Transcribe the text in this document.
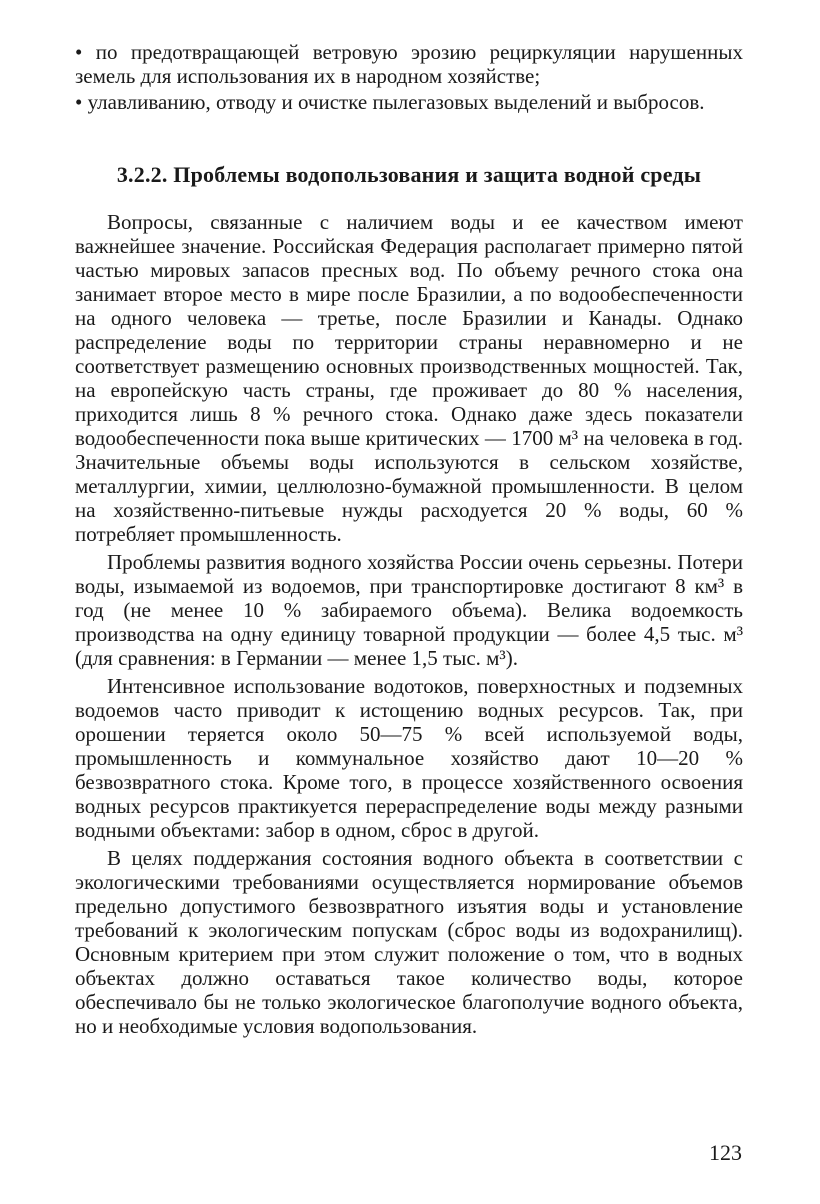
• по предотвращающей ветровую эрозию рециркуляции нарушенных земель для использования их в народном хозяйстве;

• улавливанию, отводу и очистке пылегазовых выделений и выбросов.

3.2.2. Проблемы водопользования и защита водной среды

Вопросы, связанные с наличием воды и ее качеством имеют важнейшее значение. Российская Федерация располагает примерно пятой частью мировых запасов пресных вод. По объему речного стока она занимает второе место в мире после Бразилии, а по водообеспеченности на одного человека — третье, после Бразилии и Канады. Однако распределение воды по территории страны неравномерно и не соответствует размещению основных производственных мощностей. Так, на европейскую часть страны, где проживает до 80 % населения, приходится лишь 8 % речного стока. Однако даже здесь показатели водообеспеченности пока выше критических — 1700 м³ на человека в год. Значительные объемы воды используются в сельском хозяйстве, металлургии, химии, целлюлозно-бумажной промышленности. В целом на хозяйственно-питьевые нужды расходуется 20 % воды, 60 % потребляет промышленность.

Проблемы развития водного хозяйства России очень серьезны. Потери воды, изымаемой из водоемов, при транспортировке достигают 8 км³ в год (не менее 10 % забираемого объема). Велика водоемкость производства на одну единицу товарной продукции — более 4,5 тыс. м³ (для сравнения: в Германии — менее 1,5 тыс. м³).

Интенсивное использование водотоков, поверхностных и подземных водоемов часто приводит к истощению водных ресурсов. Так, при орошении теряется около 50—75 % всей используемой воды, промышленность и коммунальное хозяйство дают 10—20 % безвозвратного стока. Кроме того, в процессе хозяйственного освоения водных ресурсов практикуется перераспределение воды между разными водными объектами: забор в одном, сброс в другой.

В целях поддержания состояния водного объекта в соответствии с экологическими требованиями осуществляется нормирование объемов предельно допустимого безвозвратного изъятия воды и установление требований к экологическим попускам (сброс воды из водохранилищ). Основным критерием при этом служит положение о том, что в водных объектах должно оставаться такое количество воды, которое обеспечивало бы не только экологическое благополучие водного объекта, но и необходимые условия водопользования.

123
